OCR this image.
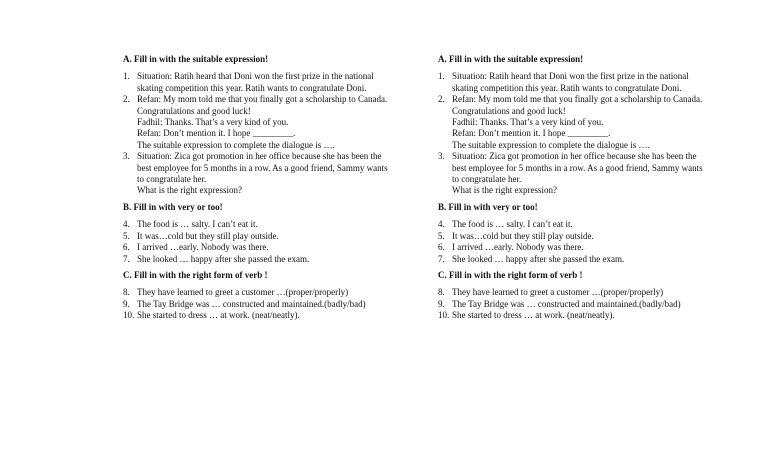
A. Fill in with the suitable expression!

1. Situation: Ratih heard that Doni won the first prize in the national
skating competition this year. Ratih wants to congratulate Doni.
2. Refan: My mom told me that you finally got a scholarship to Canada.
Congratulations and good luck!
Fadhil: Thanks. That’s a very kind of you.
Refan: Don’t mention it. I hope _________.
The suitable expression to complete the dialogue is ….
3. Situation: Zica got promotion in her office because she has been the
best employee for 5 months in a row. As a good friend, Sammy wants
to congratulate her.
What is the right expression?

B. Fill in with very or too!

4. The food is … salty. I can’t eat it.
5. It was…cold but they still play outside.
6. I arrived …early. Nobody was there.
7. She looked … happy after she passed the exam.

C. Fill in with the right form of verb !

8. They have learned to greet a customer …(proper/properly)
9. The Tay Bridge was … constructed and maintained.(badly/bad)
10. She started to dress … at work. (neat/neatly).

A. Fill in with the suitable expression!

1. Situation: Ratih heard that Doni won the first prize in the national
skating competition this year. Ratih wants to congratulate Doni.
2. Refan: My mom told me that you finally got a scholarship to Canada.
Congratulations and good luck!
Fadhil: Thanks. That’s a very kind of you.
Refan: Don’t mention it. I hope _________.
The suitable expression to complete the dialogue is ….
3. Situation: Zica got promotion in her office because she has been the
best employee for 5 months in a row. As a good friend, Sammy wants
to congratulate her.
What is the right expression?

B. Fill in with very or too!

4. The food is … salty. I can’t eat it.
5. It was…cold but they still play outside.
6. I arrived …early. Nobody was there.
7. She looked … happy after she passed the exam.

C. Fill in with the right form of verb !

8. They have learned to greet a customer …(proper/properly)
9. The Tay Bridge was … constructed and maintained.(badly/bad)
10. She started to dress … at work. (neat/neatly).
